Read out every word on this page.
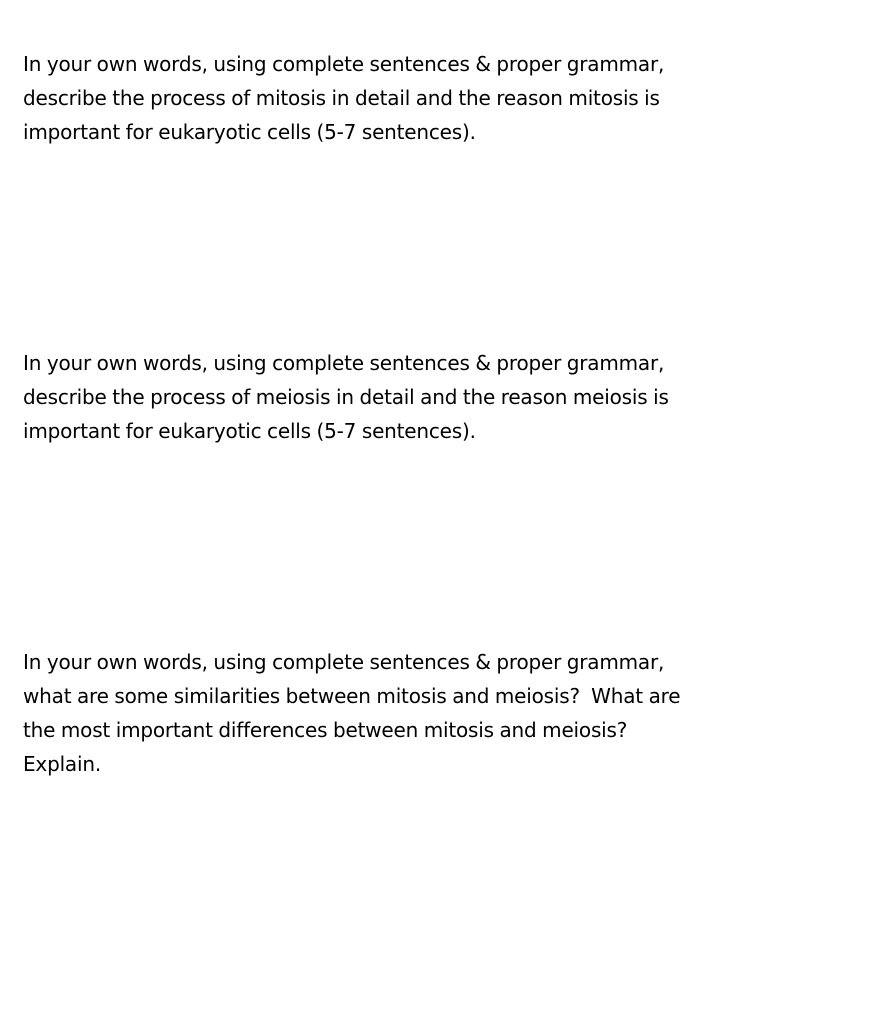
In your own words, using complete sentences & proper grammar,
describe the process of mitosis in detail and the reason mitosis is
important for eukaryotic cells (5-7 sentences).

In your own words, using complete sentences & proper grammar,
describe the process of meiosis in detail and the reason meiosis is
important for eukaryotic cells (5-7 sentences).

In your own words, using complete sentences & proper grammar,
what are some similarities between mitosis and meiosis?  What are
the most important differences between mitosis and meiosis?
Explain.
